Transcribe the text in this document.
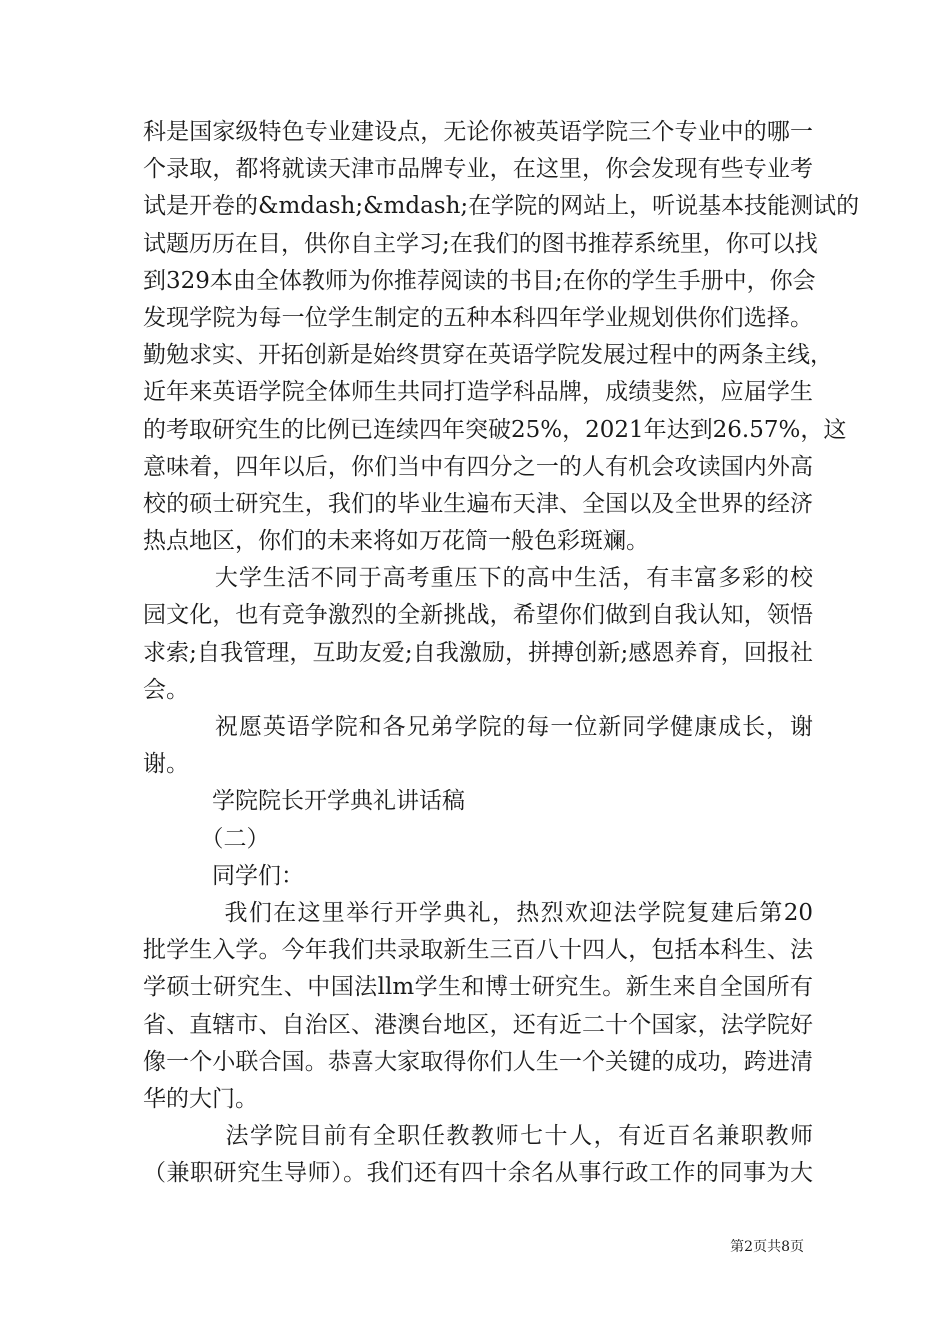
科是国家级特色专业建设点，无论你被英语学院三个专业中的哪一
个录取，都将就读天津市品牌专业，在这里，你会发现有些专业考
试是开卷的&mdash;&mdash;在学院的网站上，听说基本技能测试的
试题历历在目，供你自主学习;在我们的图书推荐系统里，你可以找
到329本由全体教师为你推荐阅读的书目;在你的学生手册中，你会
发现学院为每一位学生制定的五种本科四年学业规划供你们选择。
勤勉求实、开拓创新是始终贯穿在英语学院发展过程中的两条主线，
近年来英语学院全体师生共同打造学科品牌，成绩斐然，应届学生
的考取研究生的比例已连续四年突破25%，2021年达到26.57%，这
意味着，四年以后，你们当中有四分之一的人有机会攻读国内外高
校的硕士研究生，我们的毕业生遍布天津、全国以及全世界的经济
热点地区，你们的未来将如万花筒一般色彩斑斓。
　　　大学生活不同于高考重压下的高中生活，有丰富多彩的校
园文化，也有竞争激烈的全新挑战，希望你们做到自我认知，领悟
求索;自我管理，互助友爱;自我激励，拼搏创新;感恩养育，回报社
会。
　　　祝愿英语学院和各兄弟学院的每一位新同学健康成长，谢
谢。
　　　学院院长开学典礼讲话稿
　　　（二）
　　　同学们：
　　　 我们在这里举行开学典礼，热烈欢迎法学院复建后第20
批学生入学。今年我们共录取新生三百八十四人，包括本科生、法
学硕士研究生、中国法llm学生和博士研究生。新生来自全国所有
省、直辖市、自治区、港澳台地区，还有近二十个国家，法学院好
像一个小联合国。恭喜大家取得你们人生一个关键的成功，跨进清
华的大门。
　　　 法学院目前有全职任教教师七十人，有近百名兼职教师
（兼职研究生导师）。我们还有四十余名从事行政工作的同事为大
第2页共8页
